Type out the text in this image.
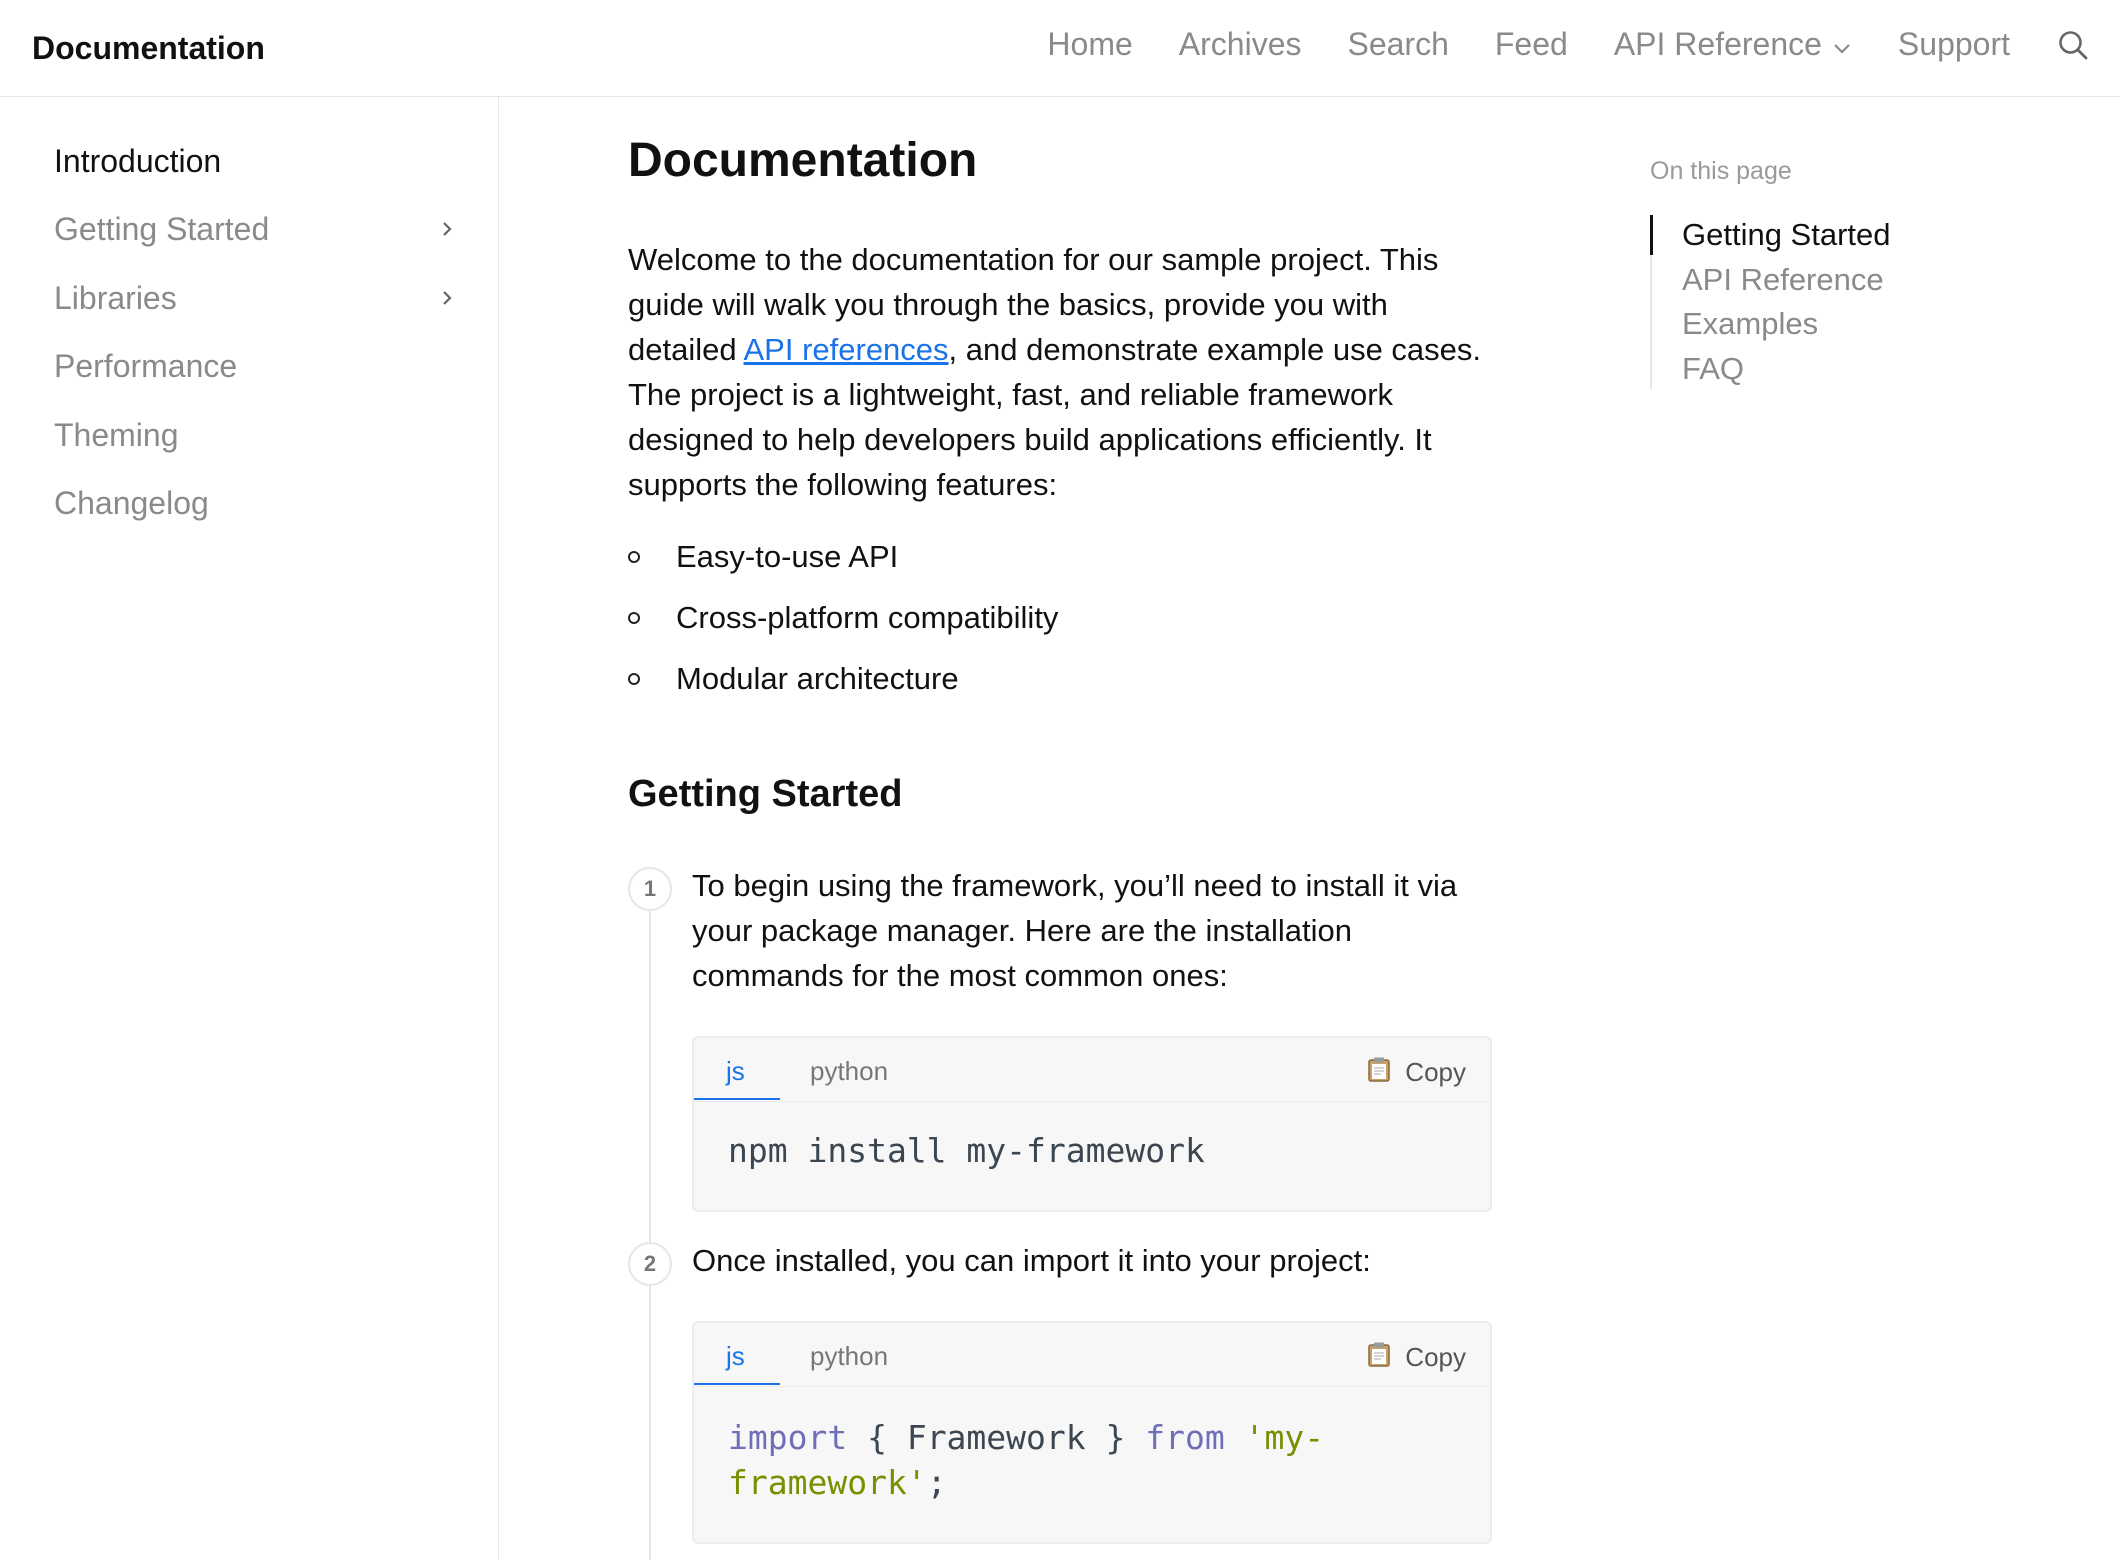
Documentation	Home Archives Search Feed API Reference Support
Introduction
Getting Started
Libraries
Performance
Theming
Changelog
Documentation

Welcome to the documentation for our sample project. This guide will walk you through the basics, provide you with detailed API references, and demonstrate example use cases. The project is a lightweight, fast, and reliable framework designed to help developers build applications efficiently. It supports the following features:

Easy-to-use API
Cross-platform compatibility
Modular architecture
Getting Started
1	To begin using the framework, you’ll need to install it via your package manager. Here are the installation commands for the most common ones:

js	python	Copy
npm install my-framework
2	Once installed, you can import it into your project:

js	python	Copy
import { Framework } from 'my-
framework';
On this page
Getting Started
API Reference
Examples
FAQ
